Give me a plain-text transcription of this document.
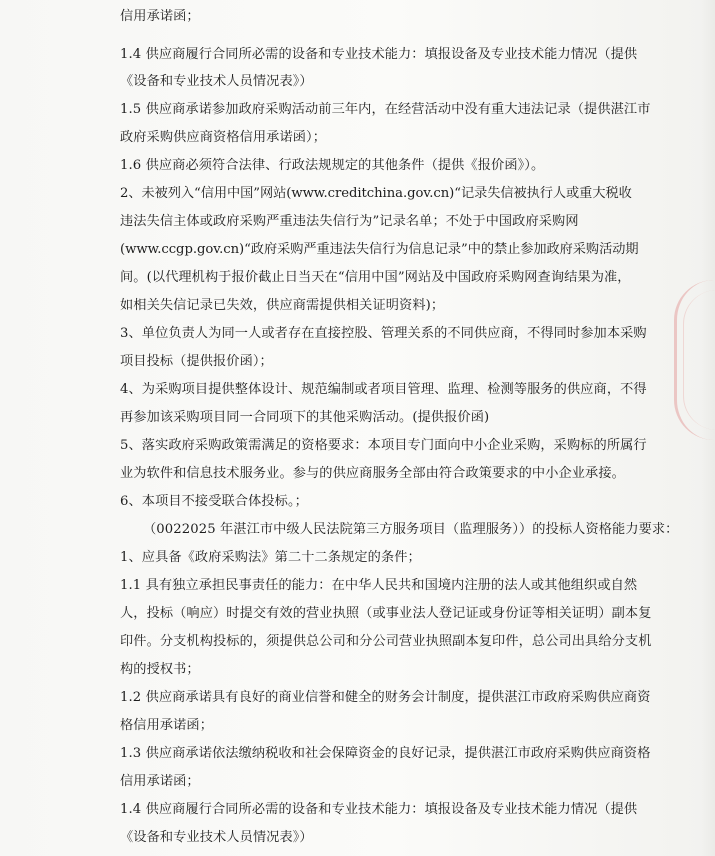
信用承诺函；
1.4 供应商履行合同所必需的设备和专业技术能力：填报设备及专业技术能力情况（提供
《设备和专业技术人员情况表》）
1.5 供应商承诺参加政府采购活动前三年内，在经营活动中没有重大违法记录（提供湛江市
政府采购供应商资格信用承诺函）；
1.6 供应商必须符合法律、行政法规规定的其他条件（提供《报价函》）。
2、未被列入“信用中国”网站(www.creditchina.gov.cn)“记录失信被执行人或重大税收
违法失信主体或政府采购严重违法失信行为”记录名单；不处于中国政府采购网
(www.ccgp.gov.cn)“政府采购严重违法失信行为信息记录”中的禁止参加政府采购活动期
间。(以代理机构于报价截止日当天在“信用中国”网站及中国政府采购网查询结果为准，
如相关失信记录已失效，供应商需提供相关证明资料)；
3、单位负责人为同一人或者存在直接控股、管理关系的不同供应商，不得同时参加本采购
项目投标（提供报价函）；
4、为采购项目提供整体设计、规范编制或者项目管理、监理、检测等服务的供应商，不得
再参加该采购项目同一合同项下的其他采购活动。(提供报价函)
5、落实政府采购政策需满足的资格要求：本项目专门面向中小企业采购，采购标的所属行
业为软件和信息技术服务业。参与的供应商服务全部由符合政策要求的中小企业承接。
6、本项目不接受联合体投标。；
（0022025 年湛江市中级人民法院第三方服务项目（监理服务））的投标人资格能力要求：
1、应具备《政府采购法》第二十二条规定的条件；
1.1 具有独立承担民事责任的能力：在中华人民共和国境内注册的法人或其他组织或自然
人，投标（响应）时提交有效的营业执照（或事业法人登记证或身份证等相关证明）副本复
印件。分支机构投标的，须提供总公司和分公司营业执照副本复印件，总公司出具给分支机
构的授权书；
1.2 供应商承诺具有良好的商业信誉和健全的财务会计制度，提供湛江市政府采购供应商资
格信用承诺函；
1.3 供应商承诺依法缴纳税收和社会保障资金的良好记录，提供湛江市政府采购供应商资格
信用承诺函；
1.4 供应商履行合同所必需的设备和专业技术能力：填报设备及专业技术能力情况（提供
《设备和专业技术人员情况表》）
